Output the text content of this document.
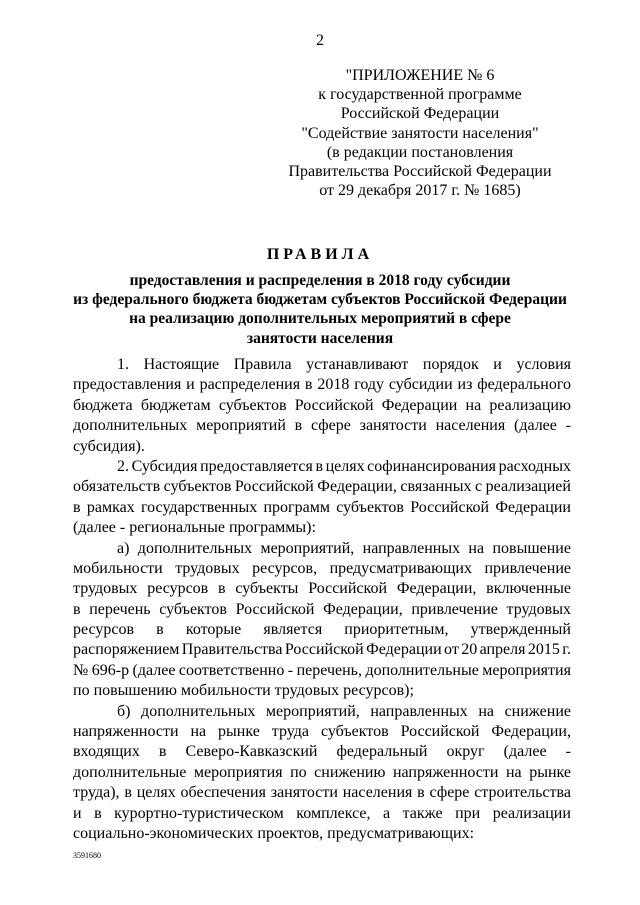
2
"ПРИЛОЖЕНИЕ № 6
к государственной программе
Российской Федерации
"Содействие занятости населения"
(в редакции постановления
Правительства Российской Федерации
от 29 декабря 2017 г. № 1685)
ПРАВИЛА
предоставления и распределения в 2018 году субсидии
из федерального бюджета бюджетам субъектов Российской Федерации
на реализацию дополнительных мероприятий в сфере
занятости населения
1. Настоящие Правила устанавливают порядок и условия
предоставления и распределения в 2018 году субсидии из федерального
бюджета бюджетам субъектов Российской Федерации на реализацию
дополнительных мероприятий в сфере занятости населения (далее -
субсидия).
2. Субсидия предоставляется в целях софинансирования расходных
обязательств субъектов Российской Федерации, связанных с реализацией
в рамках государственных программ субъектов Российской Федерации
(далее - региональные программы):
а) дополнительных мероприятий, направленных на повышение
мобильности трудовых ресурсов, предусматривающих привлечение
трудовых ресурсов в субъекты Российской Федерации, включенные
в перечень субъектов Российской Федерации, привлечение трудовых
ресурсов в которые является приоритетным, утвержденный
распоряжением Правительства Российской Федерации от 20 апреля 2015 г.
№ 696-р (далее соответственно - перечень, дополнительные мероприятия
по повышению мобильности трудовых ресурсов);
б) дополнительных мероприятий, направленных на снижение
напряженности на рынке труда субъектов Российской Федерации,
входящих в Северо-Кавказский федеральный округ (далее -
дополнительные мероприятия по снижению напряженности на рынке
труда), в целях обеспечения занятости населения в сфере строительства
и в курортно-туристическом комплексе, а также при реализации
социально-экономических проектов, предусматривающих:
3591680
